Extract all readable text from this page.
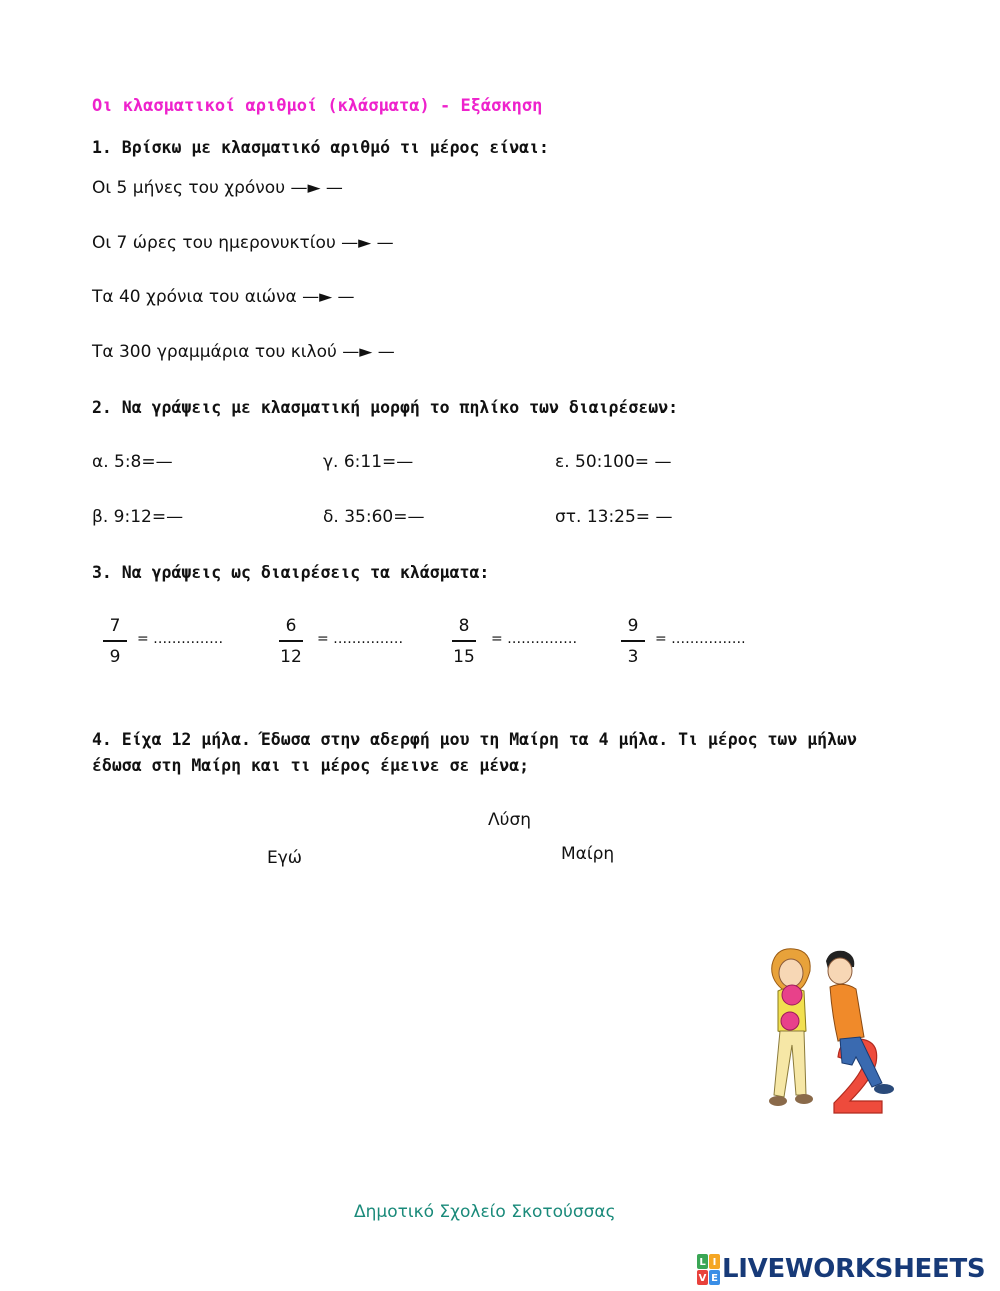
Οι κλασματικοί αριθμοί (κλάσματα) - Εξάσκηση
1. Βρίσκω με κλασματικό αριθμό τι μέρος είναι:
Οι 5 μήνες του χρόνου —► —
Οι 7 ώρες του ημερονυκτίου —► —
Τα 40 χρόνια του αιώνα —► —
Τα 300 γραμμάρια του κιλού —► —
2. Να γράψεις με κλασματική μορφή το πηλίκο των διαιρέσεων:
α. 5:8=—	γ. 6:11=—	ε. 50:100= —
β. 9:12=—	δ. 35:60=—	στ. 13:25= —
3. Να γράψεις ως διαιρέσεις τα κλάσματα:
7
9
= ……………
6
12
= ……………
8
15
= ……………
9
3
= …………….
4. Είχα 12 μήλα. Έδωσα στην αδερφή μου τη Μαίρη τα 4 μήλα. Τι μέρος των μήλων
έδωσα στη Μαίρη και τι μέρος έμεινε σε μένα;
Λύση
Εγώ	Μαίρη
Δημοτικό Σχολείο Σκοτούσσας
L I
V E LIVEWORKSHEETS
